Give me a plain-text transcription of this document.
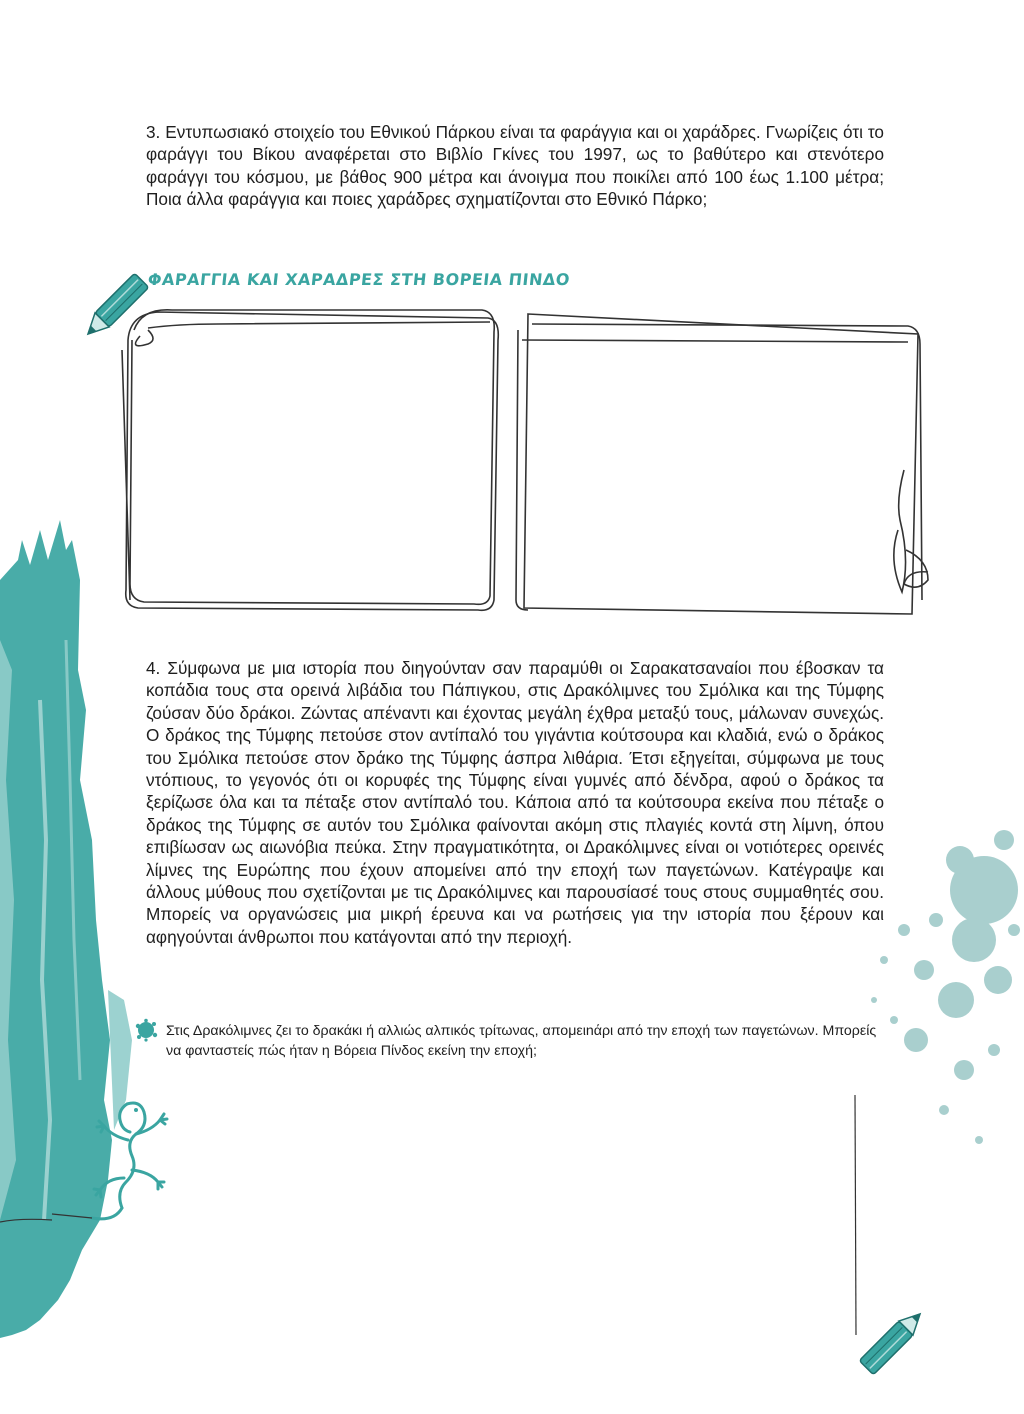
3. Εντυπωσιακό στοιχείο του Εθνικού Πάρκου είναι τα φαράγγια και οι χαράδρες. Γνωρίζεις ότι το φαράγγι του Βίκου αναφέρεται στο Βιβλίο Γκίνες του 1997, ως το βαθύτερο και στενότερο φαράγγι του κόσμου, με βάθος 900 μέτρα και άνοιγμα που ποικίλει από 100 έως 1.100 μέτρα; Ποια άλλα φαράγγια και ποιες χαράδρες σχηματίζονται στο Εθνικό Πάρκο;
ΦΑΡΑΓΓΙΑ ΚΑΙ ΧΑΡΑΔΡΕΣ ΣΤΗ ΒΟΡΕΙΑ ΠΙΝΔΟ
4. Σύμφωνα με μια ιστορία που διηγούνταν σαν παραμύθι οι Σαρακατσαναίοι που έβοσκαν τα κοπάδια τους στα ορεινά λιβάδια του Πάπιγκου, στις Δρακόλιμνες του Σμόλικα και της Τύμφης ζούσαν δύο δράκοι. Ζώντας απέναντι και έχοντας μεγάλη έχθρα μεταξύ τους, μάλωναν συνεχώς. Ο δράκος της Τύμφης πετούσε στον αντίπαλό του γιγάντια κούτσουρα και κλαδιά, ενώ ο δράκος του Σμόλικα πετούσε στον δράκο της Τύμφης άσπρα λιθάρια. Έτσι εξηγείται, σύμφωνα με τους ντόπιους, το γεγονός ότι οι κορυφές της Τύμφης είναι γυμνές από δένδρα, αφού ο δράκος τα ξερίζωσε όλα και τα πέταξε στον αντίπαλό του. Κάποια από τα κούτσουρα εκείνα που πέταξε ο δράκος της Τύμφης σε αυτόν του Σμόλικα φαίνονται ακόμη στις πλαγιές κοντά στη λίμνη, όπου επιβίωσαν ως αιωνόβια πεύκα. Στην πραγματικότητα, οι Δρακόλιμνες είναι οι νοτιότερες ορεινές λίμνες της Ευρώπης που έχουν απομείνει από την εποχή των παγετώνων. Κατέγραψε και άλλους μύθους που σχετίζονται με τις Δρακόλιμνες και παρουσίασέ τους στους συμμαθητές σου. Μπορείς να οργανώσεις μια μικρή έρευνα και να ρωτήσεις για την ιστορία που ξέρουν και αφηγούνται άνθρωποι που κατάγονται από την περιοχή.
Στις Δρακόλιμνες ζει το δρακάκι ή αλλιώς αλπικός τρίτωνας, απομειnάρι από την εποχή των παγετώνων. Μπορείς να φανταστείς πώς ήταν η Βόρεια Πίνδος εκείνη την εποχή;
